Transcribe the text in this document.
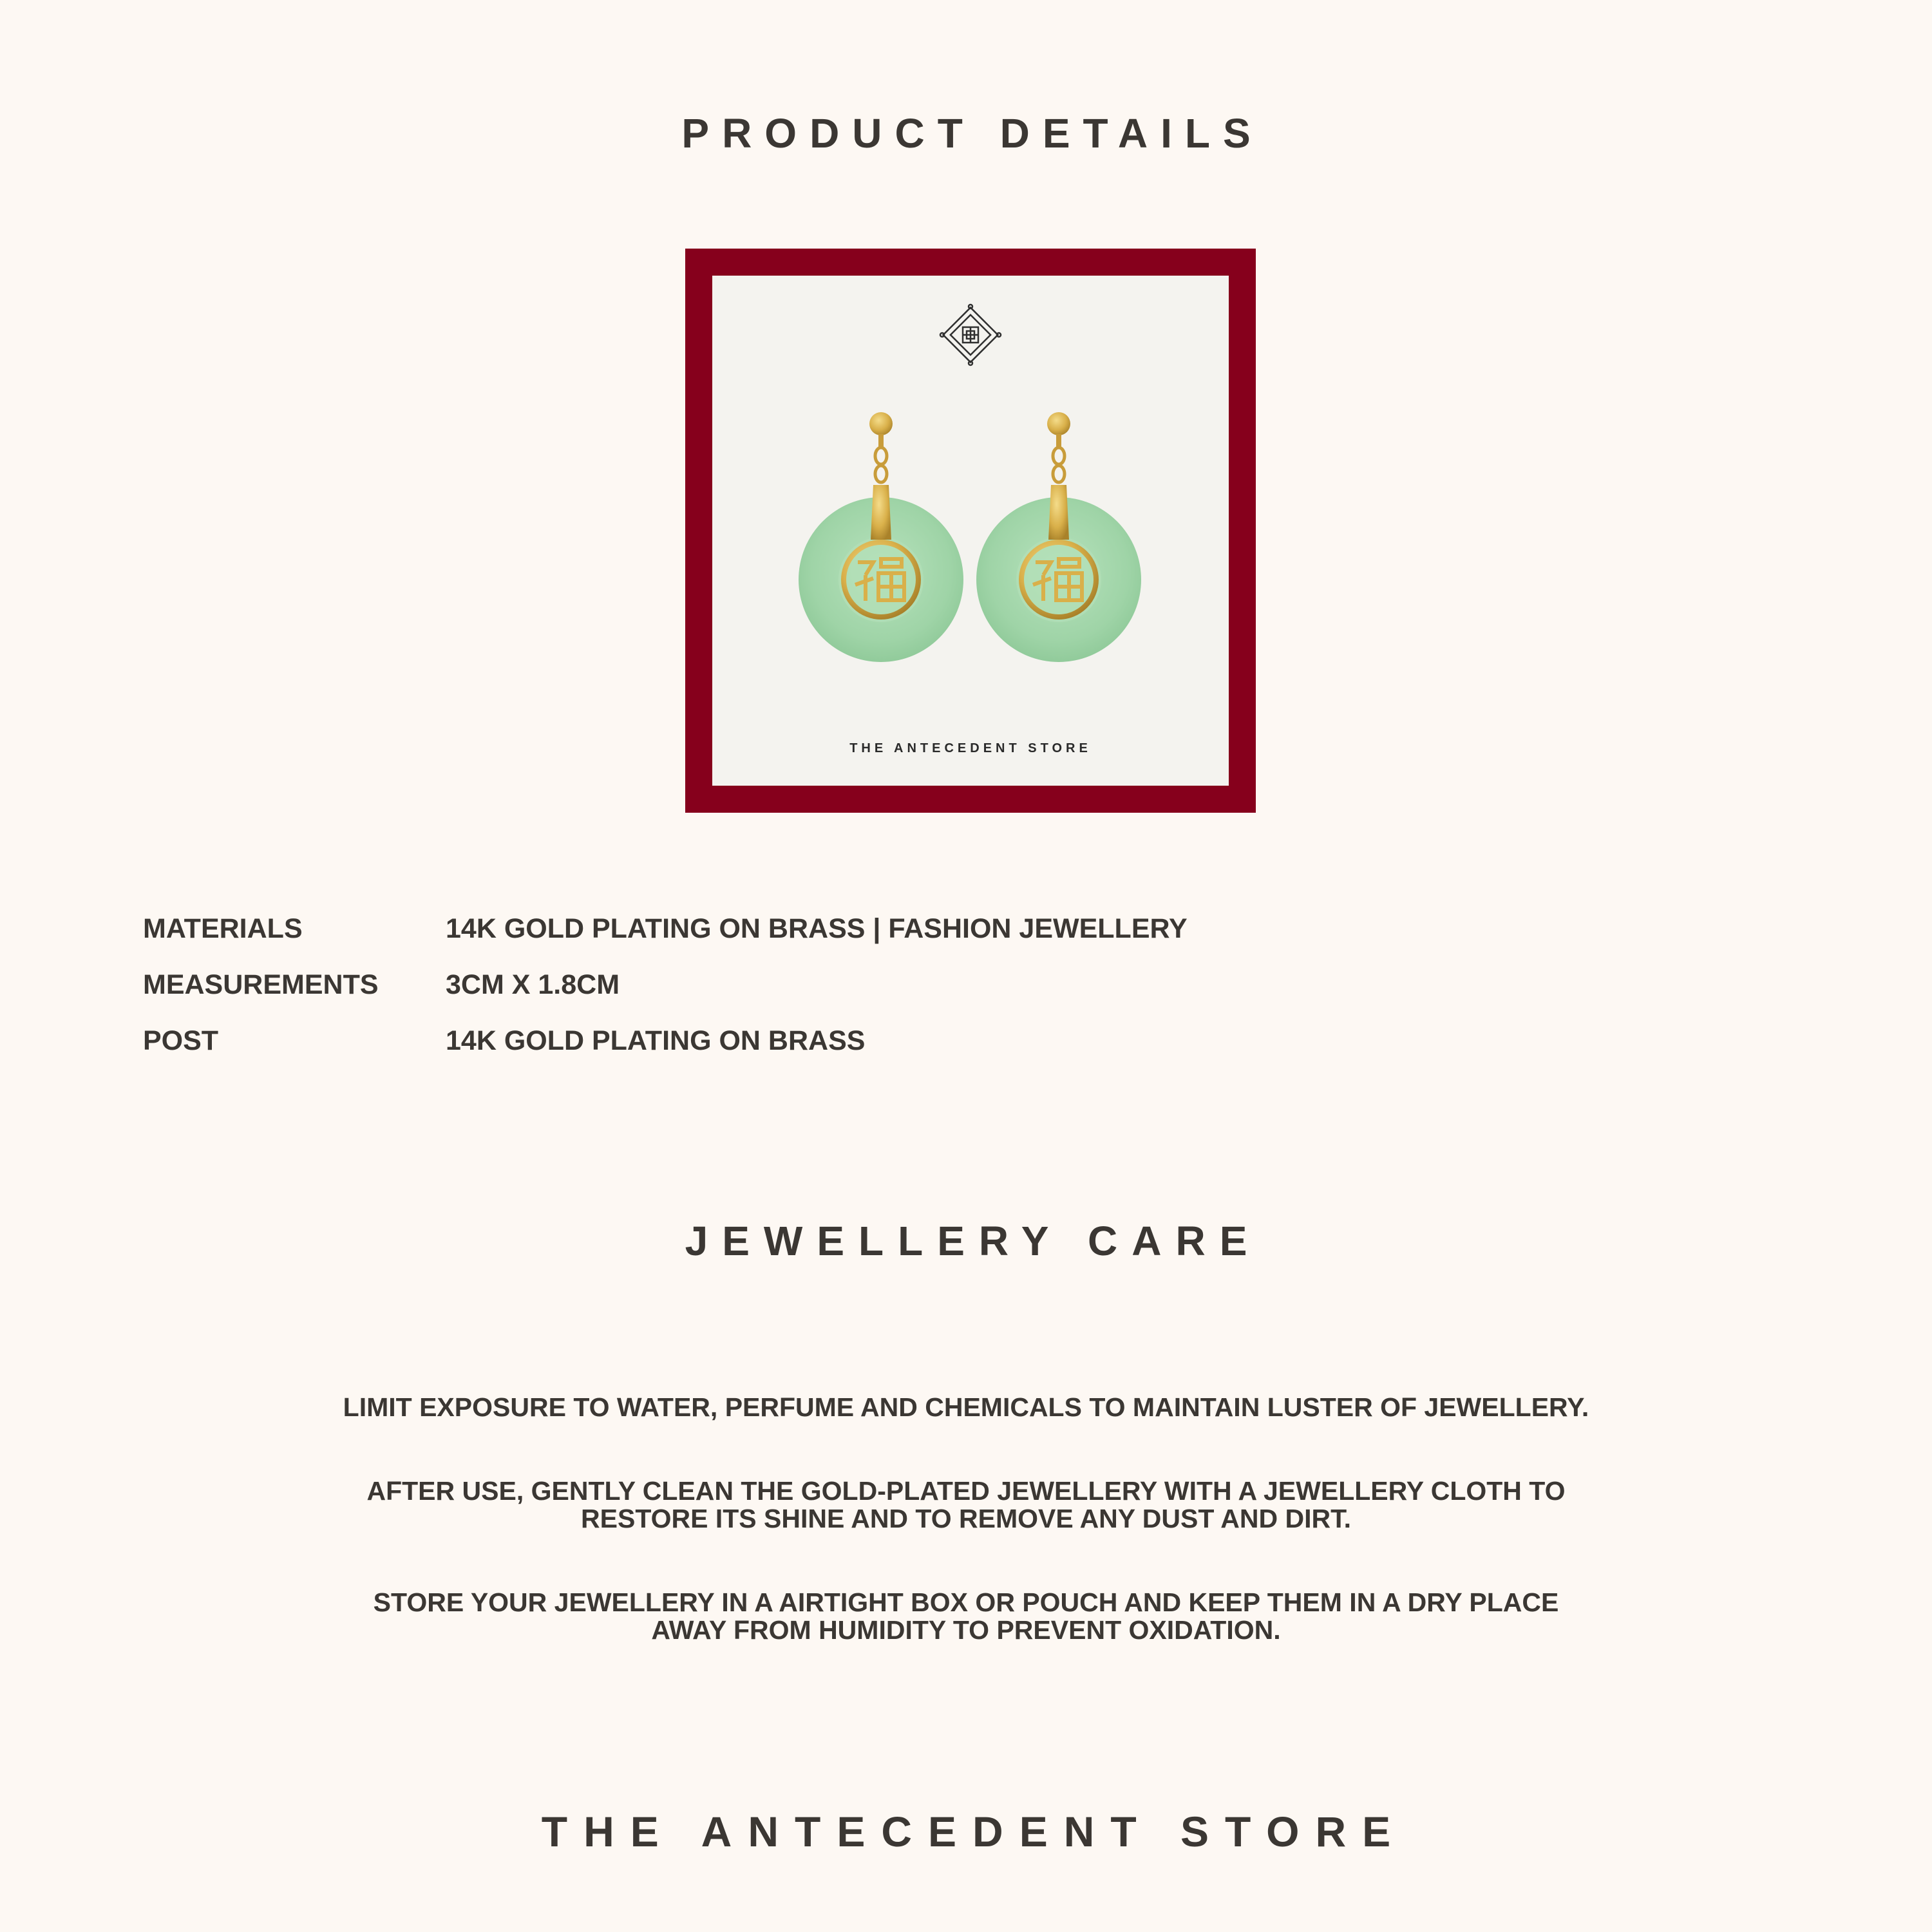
PRODUCT DETAILS
THE ANTECEDENT STORE
MATERIALS	14K GOLD PLATING ON BRASS | FASHION JEWELLERY
MEASUREMENTS	3CM X 1.8CM
POST	14K GOLD PLATING ON BRASS
JEWELLERY CARE
LIMIT EXPOSURE TO WATER, PERFUME AND CHEMICALS TO MAINTAIN LUSTER OF JEWELLERY.
AFTER USE, GENTLY CLEAN THE GOLD-PLATED JEWELLERY WITH A JEWELLERY CLOTH TO
RESTORE ITS SHINE AND TO REMOVE ANY DUST AND DIRT.
STORE YOUR JEWELLERY IN A AIRTIGHT BOX OR POUCH AND KEEP THEM IN A DRY PLACE
AWAY FROM HUMIDITY TO PREVENT OXIDATION.
THE ANTECEDENT STORE
